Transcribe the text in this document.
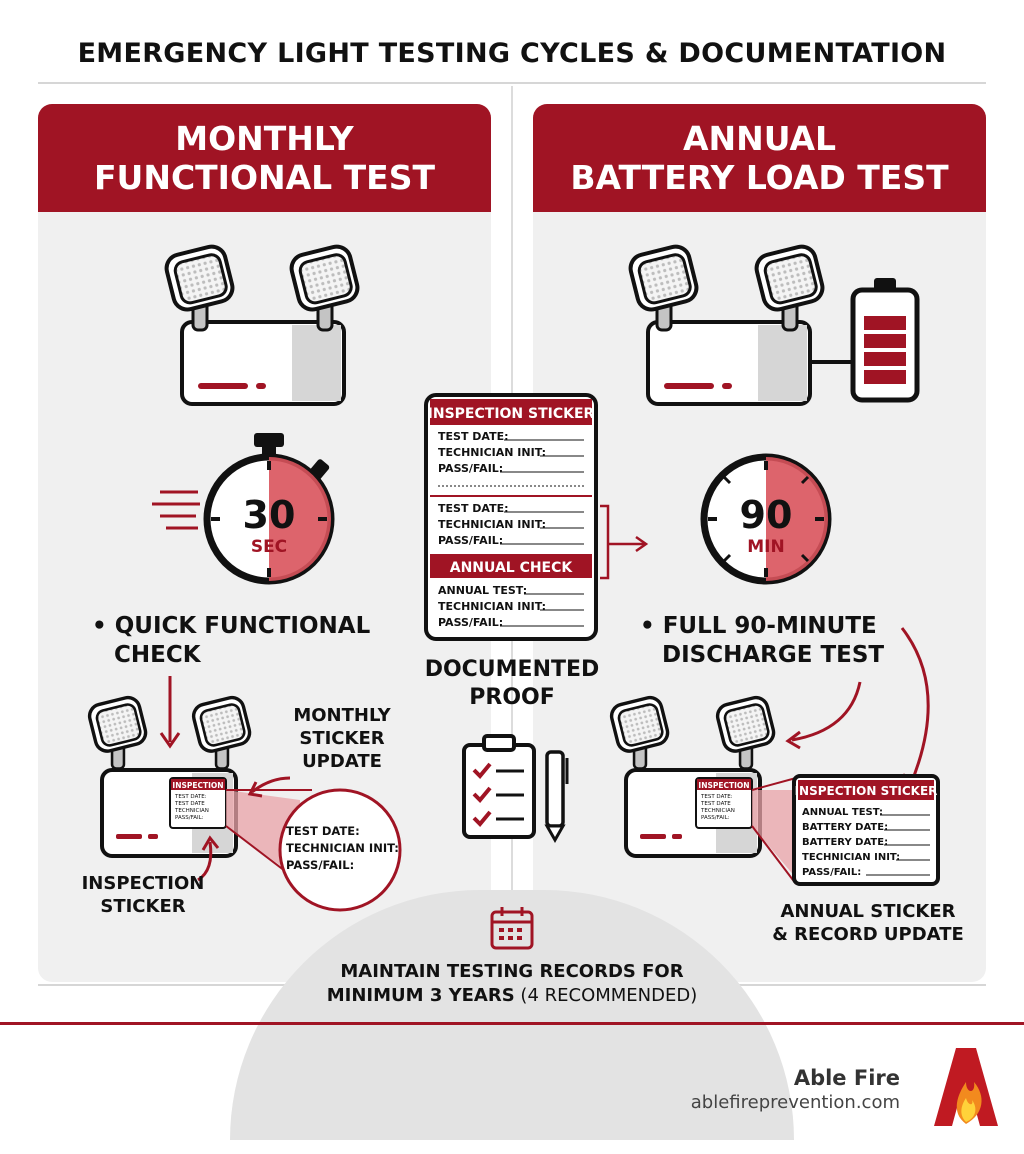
EMERGENCY LIGHT TESTING CYCLES & DOCUMENTATION
MONTHLY
FUNCTIONAL TEST
ANNUAL
BATTERY LOAD TEST
30
SEC
INSPECTION
TEST DATE:
TEST DATE
TECHNICIAN
PASS/FAIL:
TEST DATE:
TECHNICIAN INIT:
PASS/FAIL:
90
MIN
INSPECTION STICKER
TEST DATE:
TECHNICIAN INIT:
PASS/FAIL:
TEST DATE:
TECHNICIAN INIT:
PASS/FAIL:
ANNUAL CHECK
ANNUAL TEST:
TECHNICIAN INIT:
PASS/FAIL:
INSPECTION
TEST DATE:
TEST DATE
TECHNICIAN
PASS/FAIL:
INSPECTION STICKER
ANNUAL TEST:
BATTERY DATE:
BATTERY DATE:
TECHNICIAN INIT:
PASS/FAIL:
• QUICK FUNCTIONAL
CHECK
• FULL 90-MINUTE
DISCHARGE TEST
MONTHLY
STICKER
UPDATE
INSPECTION
STICKER
DOCUMENTED
PROOF
ANNUAL STICKER
& RECORD UPDATE
MAINTAIN TESTING RECORDS FOR
MINIMUM 3 YEARS (4 RECOMMENDED)
Able Fire
ablefireprevention.com
